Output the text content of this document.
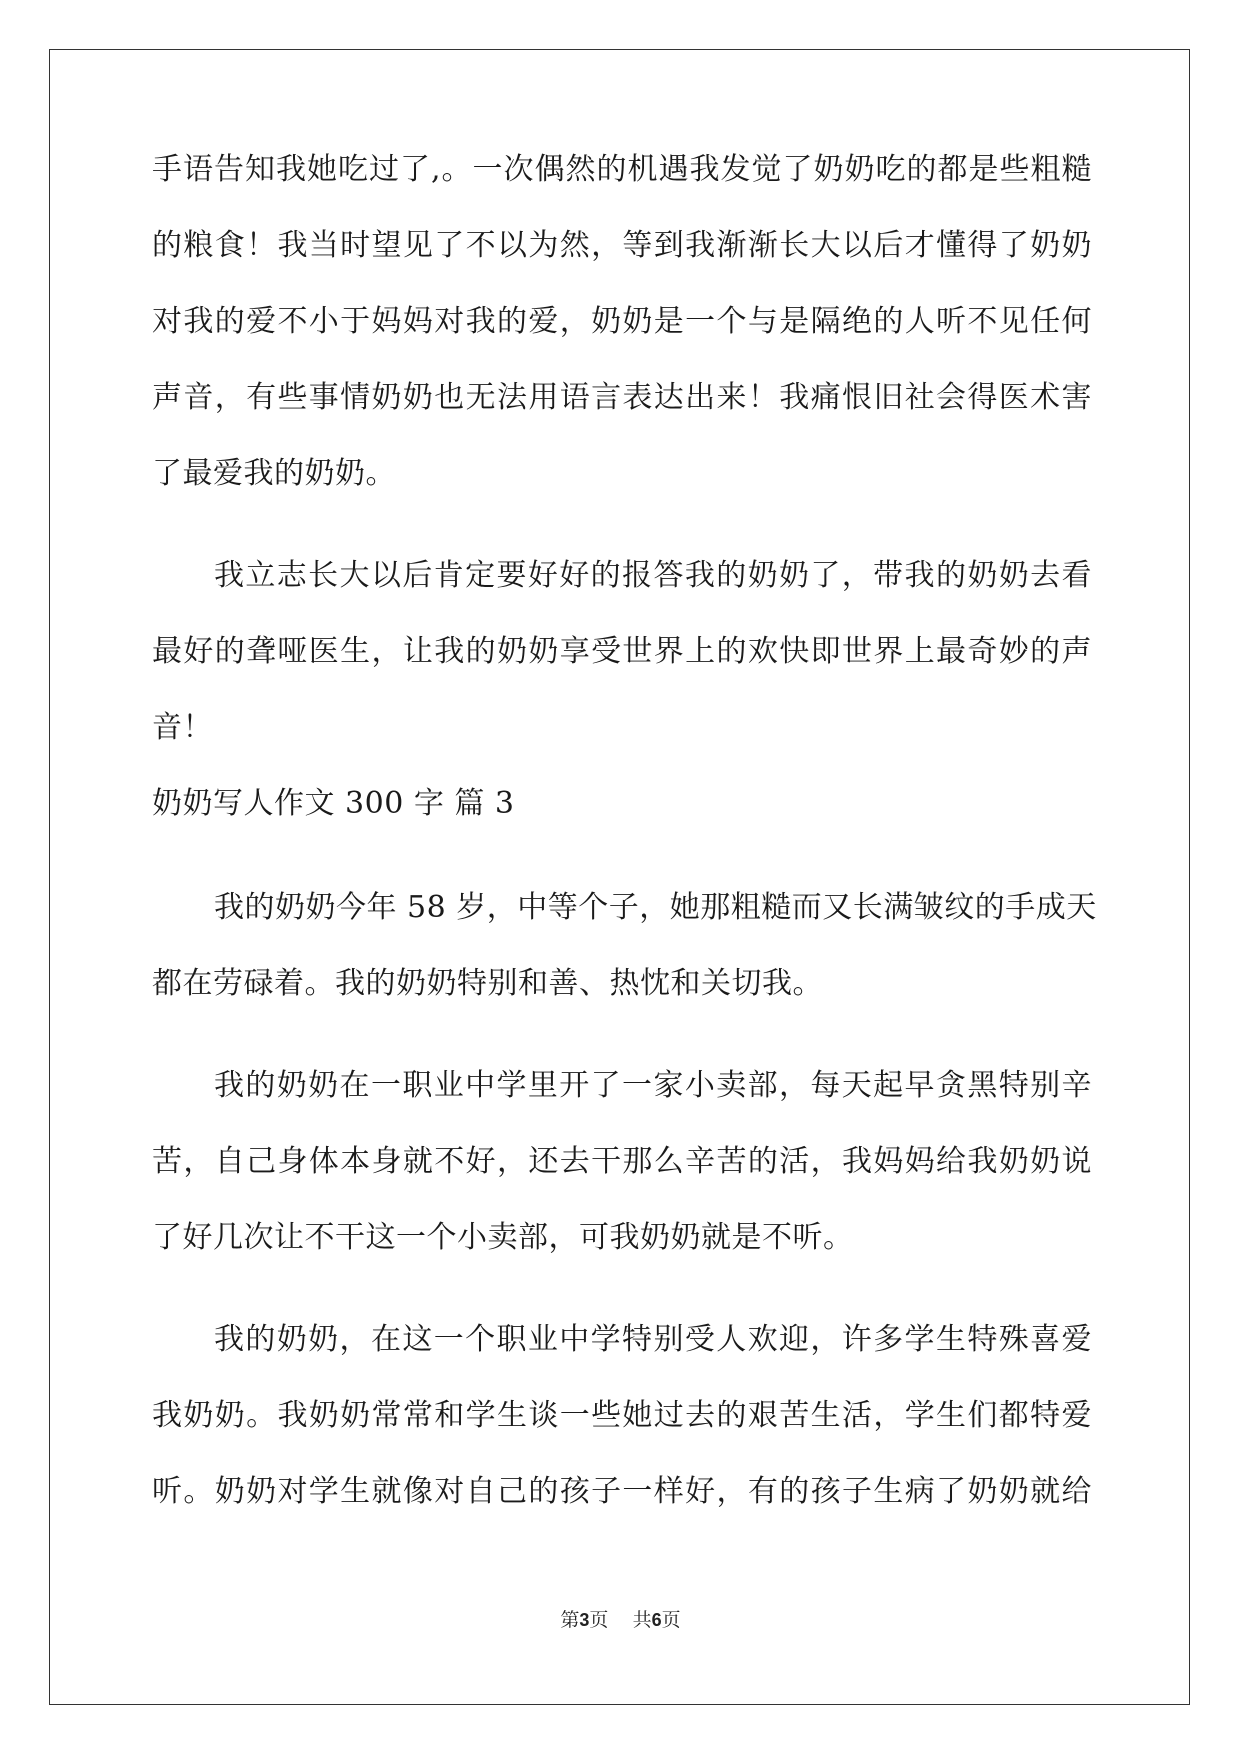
手语告知我她吃过了,。一次偶然的机遇我发觉了奶奶吃的都是些粗糙
的粮食！我当时望见了不以为然，等到我渐渐长大以后才懂得了奶奶
对我的爱不小于妈妈对我的爱，奶奶是一个与是隔绝的人听不见任何
声音，有些事情奶奶也无法用语言表达出来！我痛恨旧社会得医术害
了最爱我的奶奶。
我立志长大以后肯定要好好的报答我的奶奶了，带我的奶奶去看
最好的聋哑医生，让我的奶奶享受世界上的欢快即世界上最奇妙的声
音！
奶奶写人作文 300 字 篇 3
我的奶奶今年 58 岁，中等个子，她那粗糙而又长满皱纹的手成天
都在劳碌着。我的奶奶特别和善、热忱和关切我。
我的奶奶在一职业中学里开了一家小卖部，每天起早贪黑特别辛
苦，自己身体本身就不好，还去干那么辛苦的活，我妈妈给我奶奶说
了好几次让不干这一个小卖部，可我奶奶就是不听。
我的奶奶，在这一个职业中学特别受人欢迎，许多学生特殊喜爱
我奶奶。我奶奶常常和学生谈一些她过去的艰苦生活，学生们都特爱
听。奶奶对学生就像对自己的孩子一样好，有的孩子生病了奶奶就给
第3页 共6页
